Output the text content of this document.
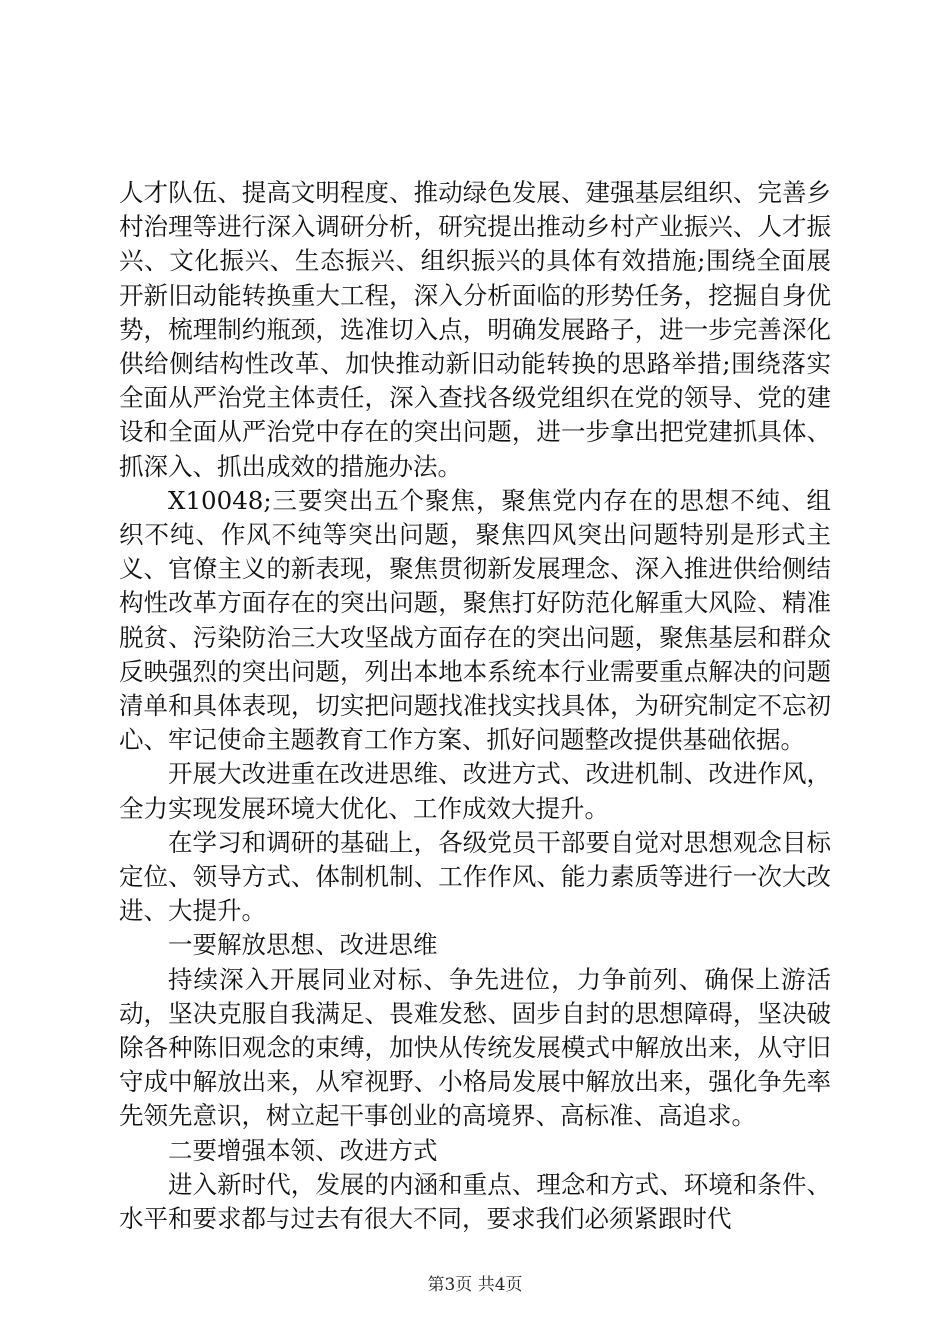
人才队伍、提高文明程度、推动绿色发展、建强基层组织、完善乡村治理等进行深入调研分析，研究提出推动乡村产业振兴、人才振兴、文化振兴、生态振兴、组织振兴的具体有效措施;围绕全面展开新旧动能转换重大工程，深入分析面临的形势任务，挖掘自身优势，梳理制约瓶颈，选准切入点，明确发展路子，进一步完善深化供给侧结构性改革、加快推动新旧动能转换的思路举措;围绕落实全面从严治党主体责任，深入查找各级党组织在党的领导、党的建设和全面从严治党中存在的突出问题，进一步拿出把党建抓具体、抓深入、抓出成效的措施办法。

X10048;三要突出五个聚焦，聚焦党内存在的思想不纯、组织不纯、作风不纯等突出问题，聚焦四风突出问题特别是形式主义、官僚主义的新表现，聚焦贯彻新发展理念、深入推进供给侧结构性改革方面存在的突出问题，聚焦打好防范化解重大风险、精准脱贫、污染防治三大攻坚战方面存在的突出问题，聚焦基层和群众反映强烈的突出问题，列出本地本系统本行业需要重点解决的问题清单和具体表现，切实把问题找准找实找具体，为研究制定不忘初心、牢记使命主题教育工作方案、抓好问题整改提供基础依据。

开展大改进重在改进思维、改进方式、改进机制、改进作风，全力实现发展环境大优化、工作成效大提升。

在学习和调研的基础上，各级党员干部要自觉对思想观念目标定位、领导方式、体制机制、工作作风、能力素质等进行一次大改进、大提升。

一要解放思想、改进思维

持续深入开展同业对标、争先进位，力争前列、确保上游活动，坚决克服自我满足、畏难发愁、固步自封的思想障碍，坚决破除各种陈旧观念的束缚，加快从传统发展模式中解放出来，从守旧守成中解放出来，从窄视野、小格局发展中解放出来，强化争先率先领先意识，树立起干事创业的高境界、高标准、高追求。

二要增强本领、改进方式

进入新时代，发展的内涵和重点、理念和方式、环境和条件、水平和要求都与过去有很大不同，要求我们必须紧跟时代

第3页 共4页
